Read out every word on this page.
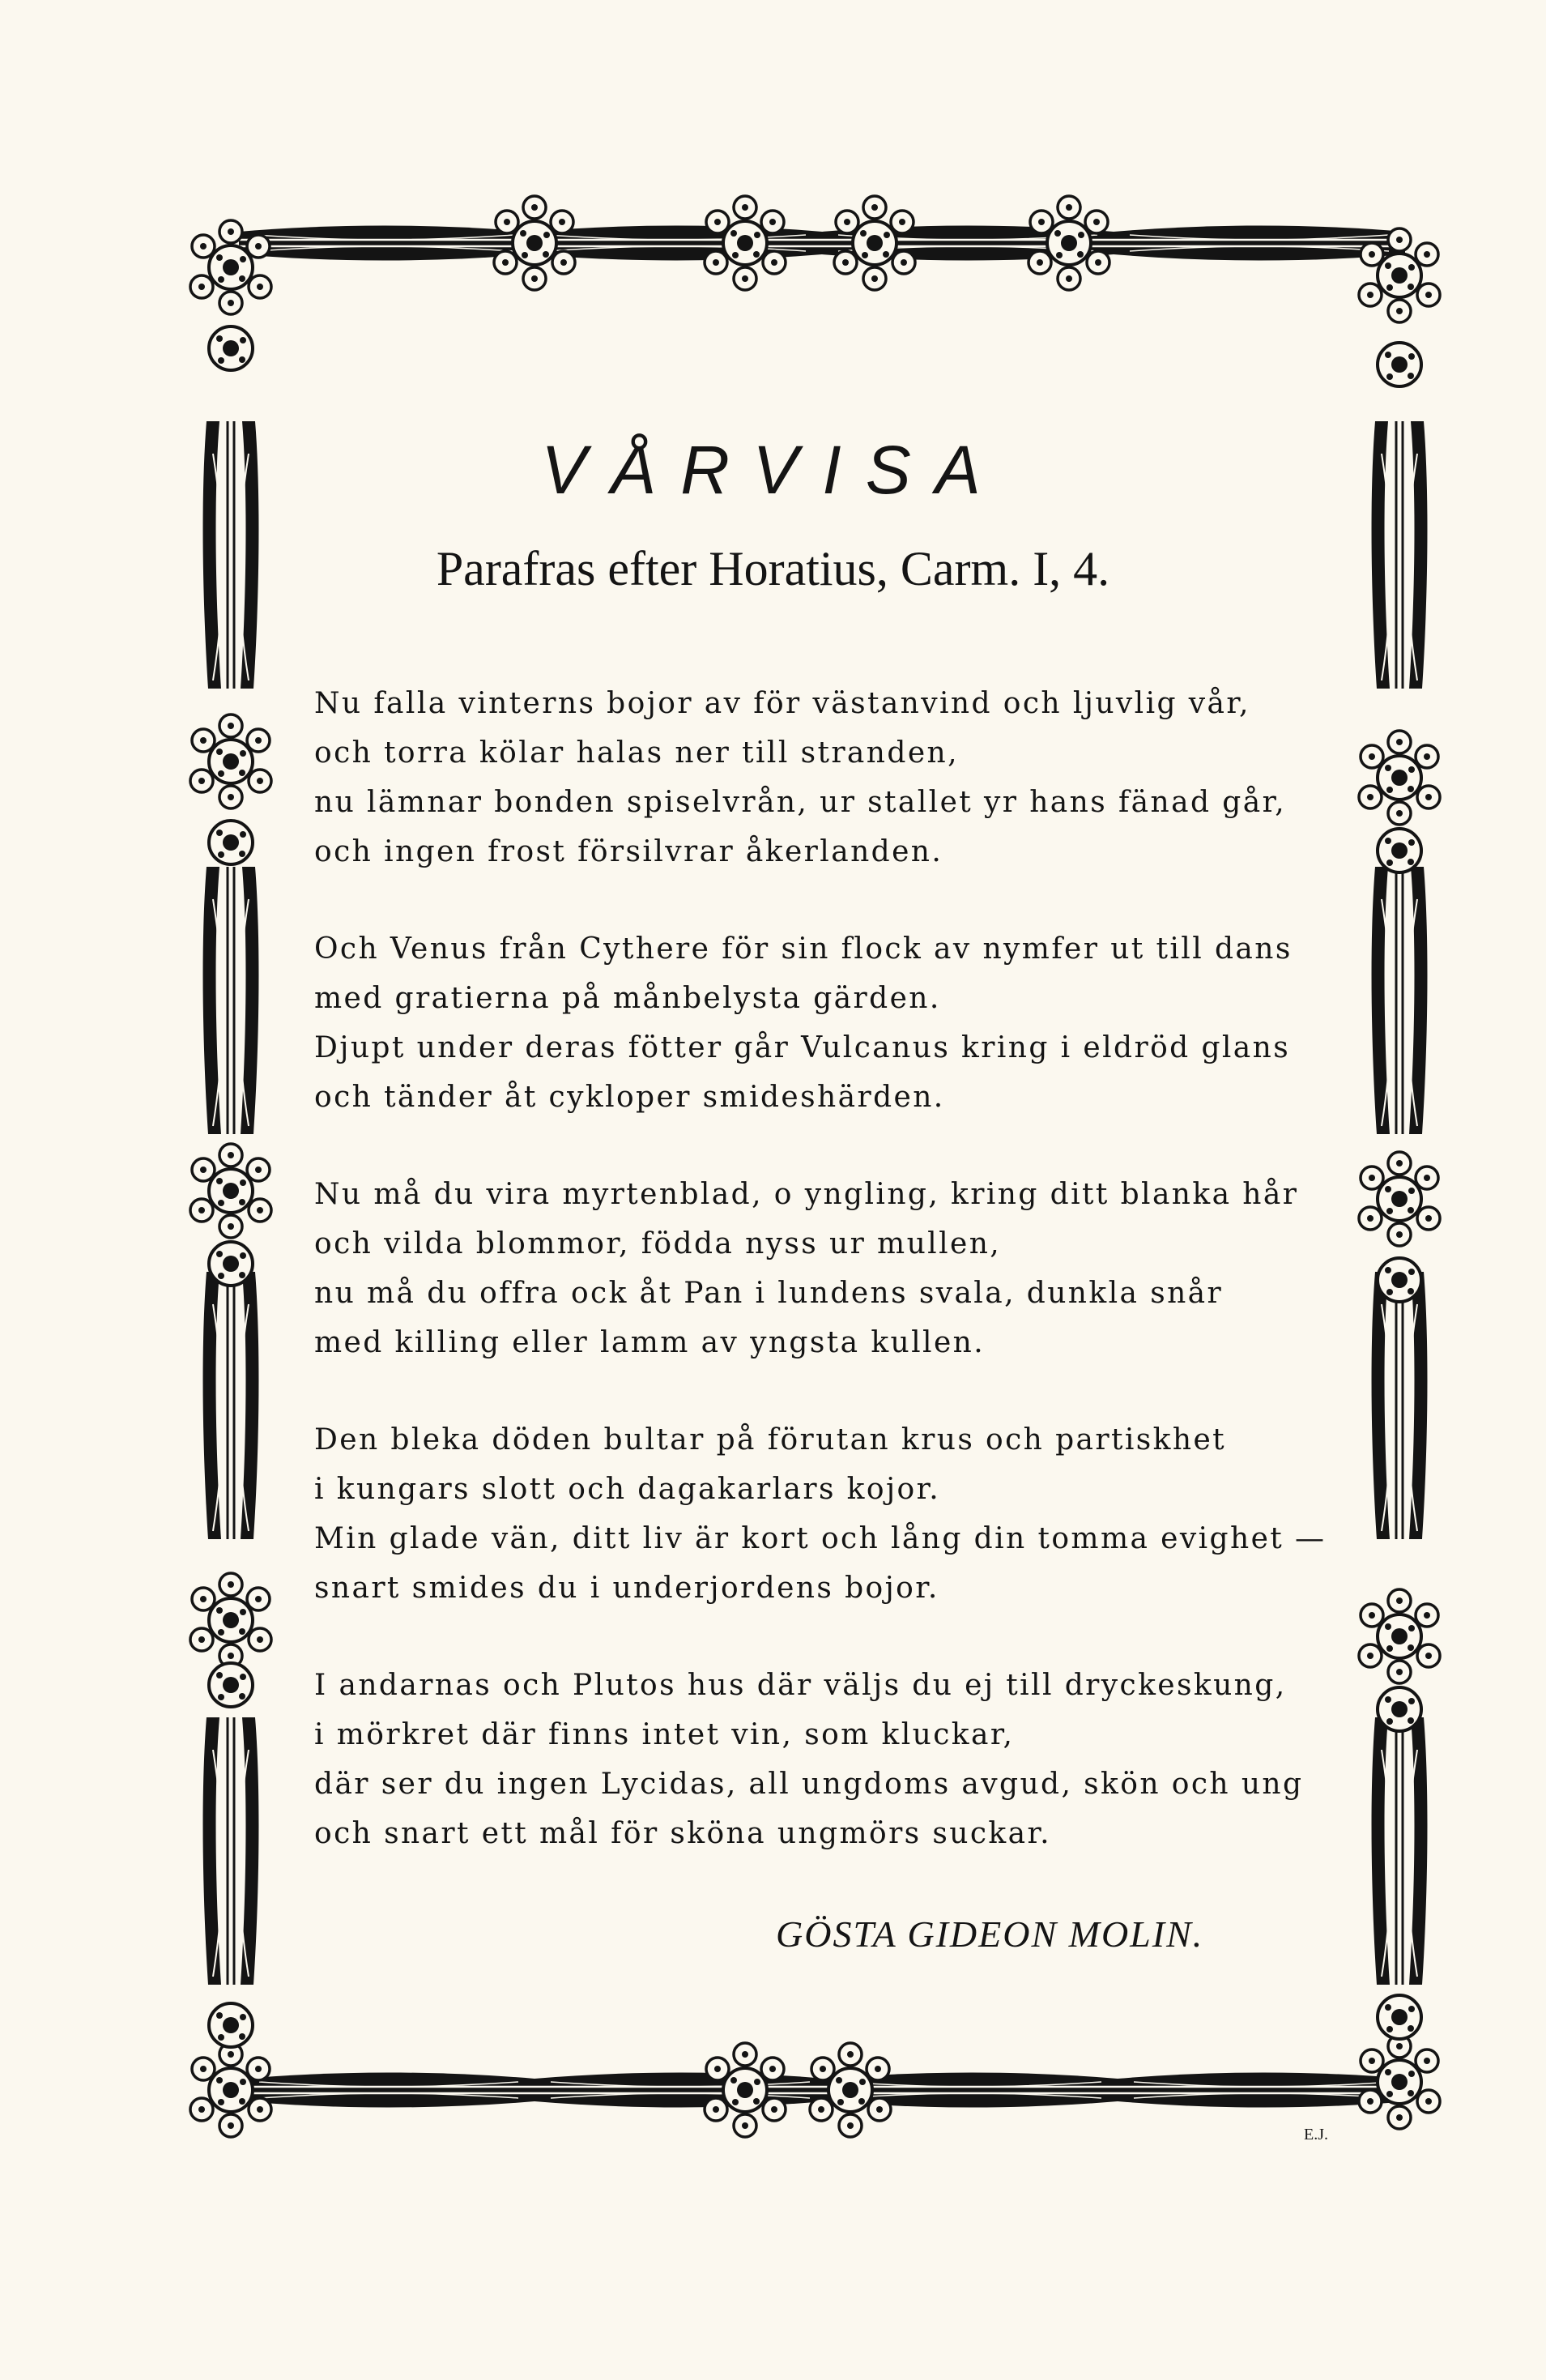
VÅRVISA

Parafras efter Horatius, Carm. I, 4.

Nu falla vinterns bojor av för västanvind och ljuvlig vår,
och torra kölar halas ner till stranden,
nu lämnar bonden spiselvrån, ur stallet yr hans fänad går,
och ingen frost försilvrar åkerlanden.
Och Venus från Cythere för sin flock av nymfer ut till dans
med gratierna på månbelysta gärden.
Djupt under deras fötter går Vulcanus kring i eldröd glans
och tänder åt cykloper smideshärden.
Nu må du vira myrtenblad, o yngling, kring ditt blanka hår
och vilda blommor, födda nyss ur mullen,
nu må du offra ock åt Pan i lundens svala, dunkla snår
med killing eller lamm av yngsta kullen.
Den bleka döden bultar på förutan krus och partiskhet
i kungars slott och dagakarlars kojor.
Min glade vän, ditt liv är kort och lång din tomma evighet —
snart smides du i underjordens bojor.
I andarnas och Plutos hus där väljs du ej till dryckeskung,
i mörkret där finns intet vin, som kluckar,
där ser du ingen Lycidas, all ungdoms avgud, skön och ung
och snart ett mål för sköna ungmörs suckar.
GÖSTA GIDEON MOLIN.
E.J.
